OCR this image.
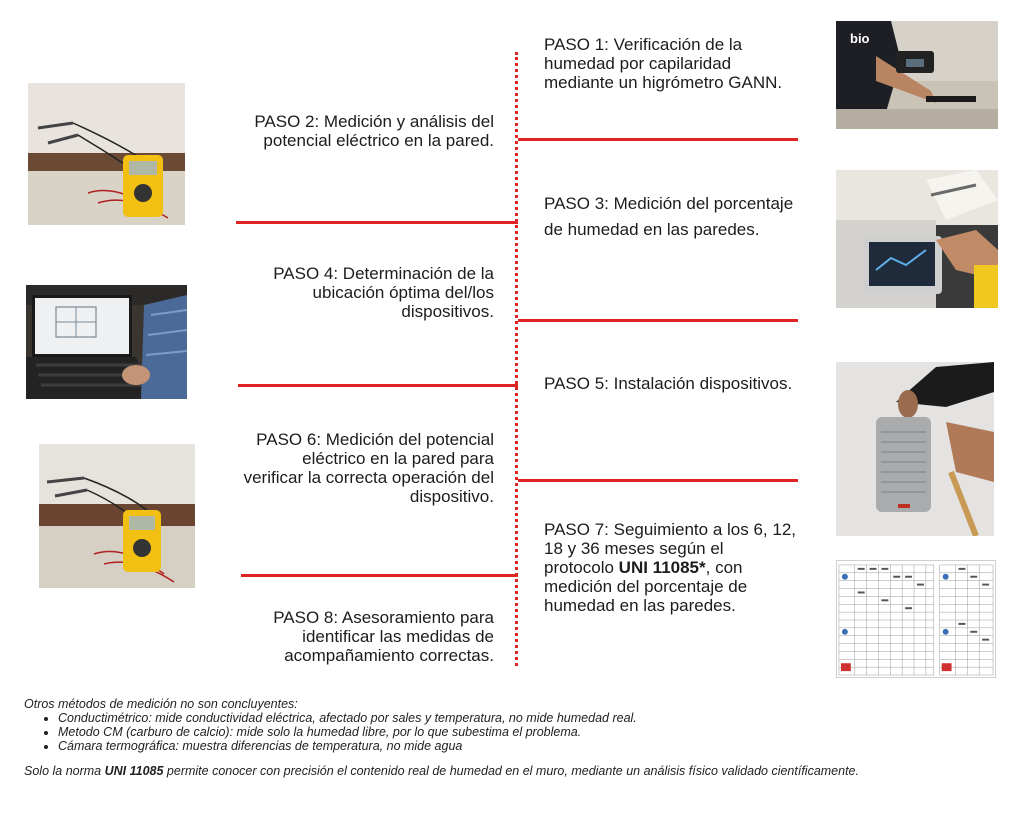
PASO 1: Verificación de la humedad por capilaridad mediante un higrómetro GANN.
PASO 2: Medición y análisis del potencial eléctrico en la pared.
PASO 3: Medición del porcentaje de humedad en las paredes.
PASO 4: Determinación de la ubicación óptima del/los dispositivos.
PASO 5: Instalación dispositivos.
PASO 6: Medición del potencial eléctrico en la pared para verificar la correcta operación del dispositivo.
PASO 7: Seguimiento a los 6, 12, 18 y 36 meses según el protocolo UNI 11085*, con medición del porcentaje de humedad en las paredes.
PASO 8: Asesoramiento para identificar las medidas de acompañamiento correctas.
bio
Otros métodos de medición no son concluyentes:
• Conductimétrico: mide conductividad eléctrica, afectado por sales y temperatura, no mide humedad real.
• Metodo CM (carburo de calcio): mide solo la humedad libre, por lo que subestima el problema.
• Cámara termográfica: muestra diferencias de temperatura, no mide agua
Solo la norma UNI 11085 permite conocer con precisión el contenido real de humedad en el muro, mediante un análisis físico validado científicamente.
